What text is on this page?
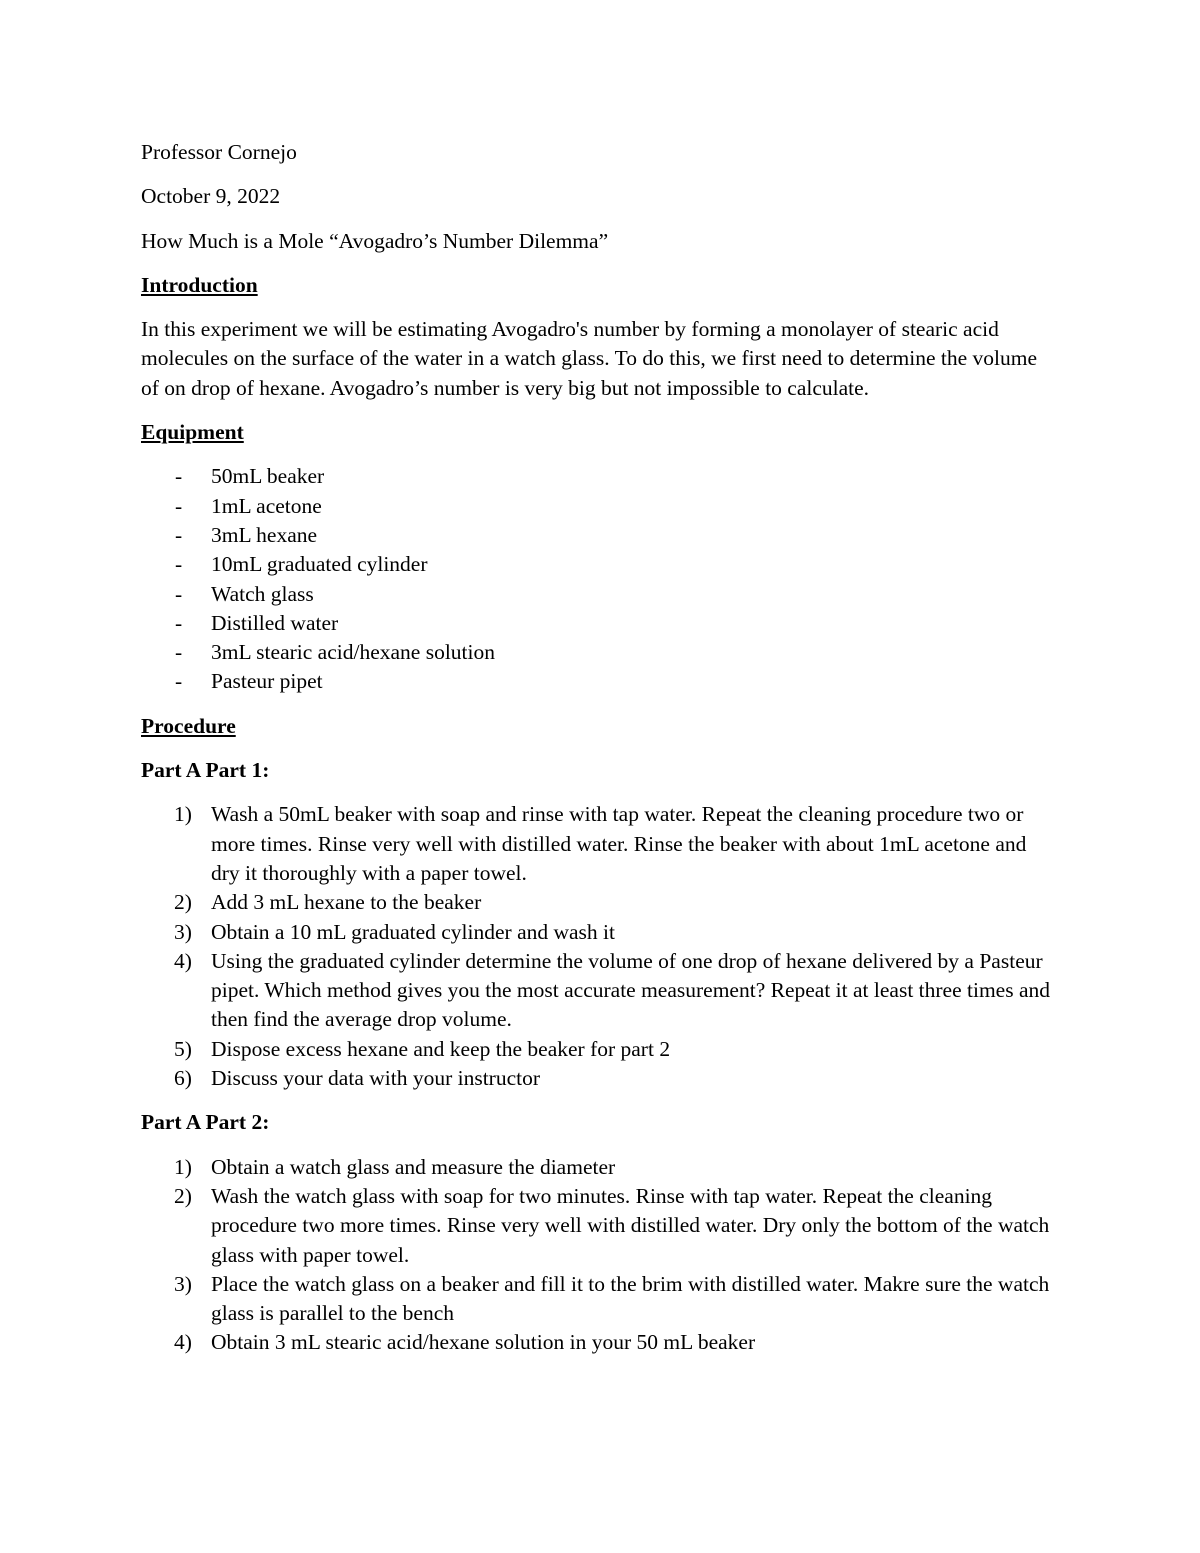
Professor Cornejo

October 9, 2022

How Much is a Mole “Avogadro’s Number Dilemma”

Introduction

In this experiment we will be estimating Avogadro's number by forming a monolayer of stearic acid molecules on the surface of the water in a watch glass. To do this, we first need to determine the volume of on drop of hexane. Avogadro’s number is very big but not impossible to calculate.

Equipment

- 50mL beaker
- 1mL acetone
- 3mL hexane
- 10mL graduated cylinder
- Watch glass
- Distilled water
- 3mL stearic acid/hexane solution
- Pasteur pipet

Procedure

Part A Part 1:

1) Wash a 50mL beaker with soap and rinse with tap water. Repeat the cleaning procedure two or more times. Rinse very well with distilled water. Rinse the beaker with about 1mL acetone and dry it thoroughly with a paper towel.
2) Add 3 mL hexane to the beaker
3) Obtain a 10 mL graduated cylinder and wash it
4) Using the graduated cylinder determine the volume of one drop of hexane delivered by a Pasteur pipet. Which method gives you the most accurate measurement? Repeat it at least three times and then find the average drop volume.
5) Dispose excess hexane and keep the beaker for part 2
6) Discuss your data with your instructor

Part A Part 2:

1) Obtain a watch glass and measure the diameter
2) Wash the watch glass with soap for two minutes. Rinse with tap water. Repeat the cleaning procedure two more times. Rinse very well with distilled water. Dry only the bottom of the watch glass with paper towel.
3) Place the watch glass on a beaker and fill it to the brim with distilled water. Makre sure the watch glass is parallel to the bench
4) Obtain 3 mL stearic acid/hexane solution in your 50 mL beaker
